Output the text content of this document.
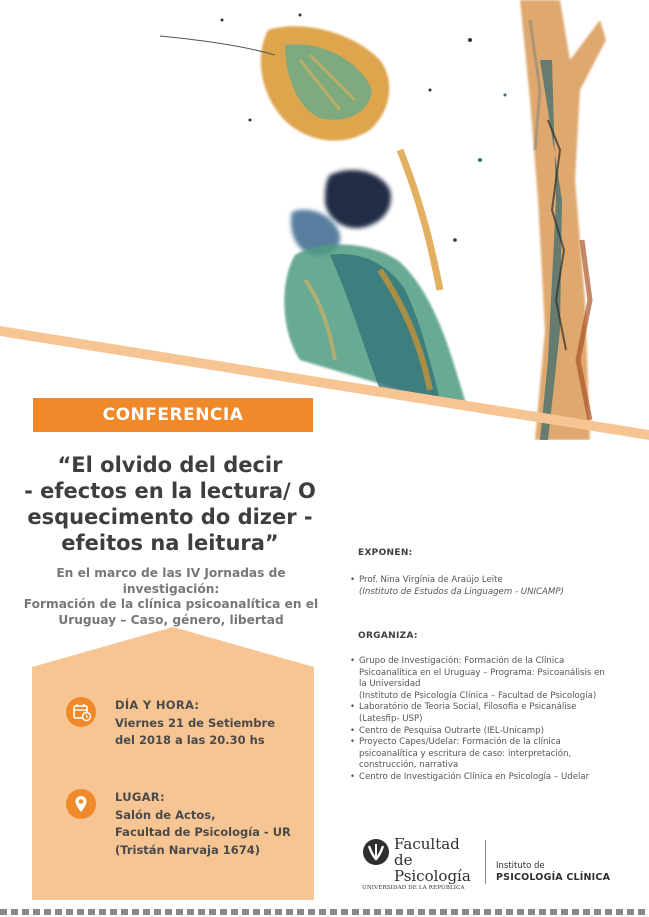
CONFERENCIA
“El olvido del decir
- efectos en la lectura/ O
esquecimento do dizer -
efeitos na leitura”
En el marco de las IV Jornadas de investigación:
Formación de la clínica psicoanalítica en el
Uruguay – Caso, género, libertad
DÍA Y HORA:
Viernes 21 de Setiembre
del 2018 a las 20.30 hs
LUGAR:
Salón de Actos,
Facultad de Psicología - UR
(Tristán Narvaja 1674)
EXPONEN:
• Prof. Nina Virgínia de Araújo Leite
(Instituto de Estudos da Linguagem - UNICAMP)
ORGANIZA:
• Grupo de Investigación: Formación de la Clínica
Psicoanalítica en el Uruguay – Programa: Psicoanálisis en
la Universidad
(Instituto de Psicología Clínica – Facultad de Psicología)
• Laboratório de Teoria Social, Filosofia e Psicanálise
(Latesfip- USP)
• Centro de Pesquisa Outrarte (IEL-Unicamp)
• Proyecto Capes/Udelar: Formación de la clínica
psicoanalítica y escritura de caso: interpretación,
construcción, narrativa
• Centro de Investigación Clínica en Psicología – Udelar
Facultad de
Psicología
UNIVERSIDAD DE LA REPÚBLICA
Instituto de
PSICOLOGÍA CLÍNICA
